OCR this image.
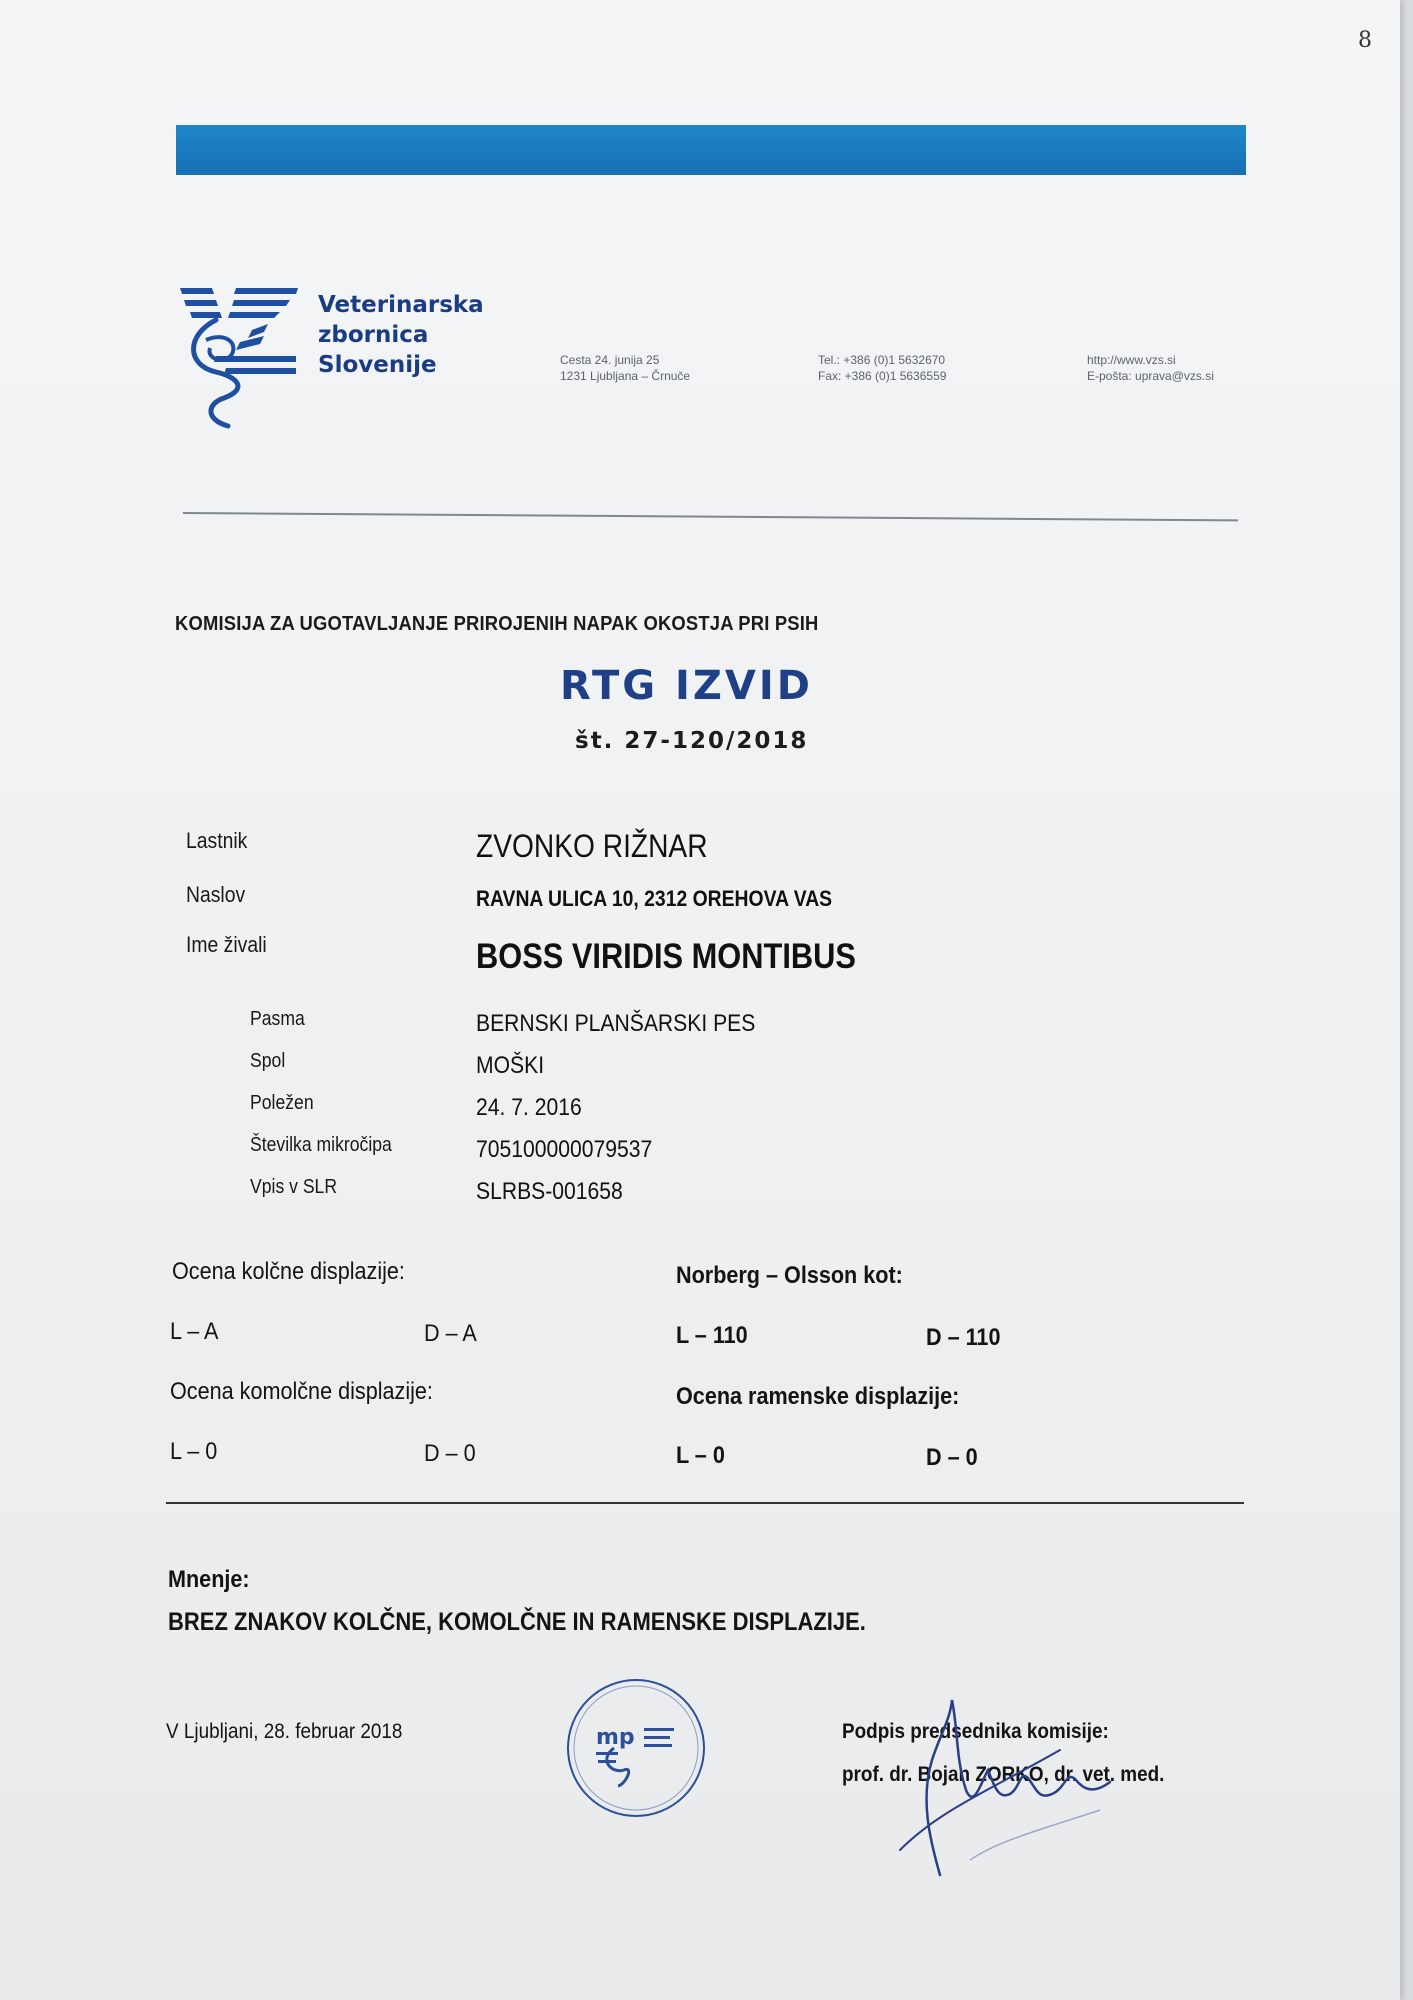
8
Veterinarska
zbornica
Slovenije	Cesta 24. junija 25
1231 Ljubljana – Črnuče
Tel.: +386 (0)1 5632670
Fax: +386 (0)1 5636559
http://www.vzs.si
E-pošta: uprava@vzs.si
KOMISIJA ZA UGOTAVLJANJE PRIROJENIH NAPAK OKOSTJA PRI PSIH
RTG IZVID
št. 27-120/2018
Lastnik	ZVONKO RIŽNAR
Naslov	RAVNA ULICA 10, 2312 OREHOVA VAS
Ime živali	BOSS VIRIDIS MONTIBUS
Pasma	BERNSKI PLANŠARSKI PES
Spol	MOŠKI
Poležen	24. 7. 2016
Številka mikročipa	705100000079537
Vpis v SLR	SLRBS-001658
Ocena kolčne displazije:	Norberg – Olsson kot:
L – A	D – A	L – 110	D – 110
Ocena komolčne displazije:	Ocena ramenske displazije:
L – 0	D – 0	L – 0	D – 0
Mnenje:
BREZ ZNAKOV KOLČNE, KOMOLČNE IN RAMENSKE DISPLAZIJE.
V Ljubljani, 28. februar 2018	mp	Podpis predsednika komisije:
prof. dr. Bojan ZORKO, dr. vet. med.
